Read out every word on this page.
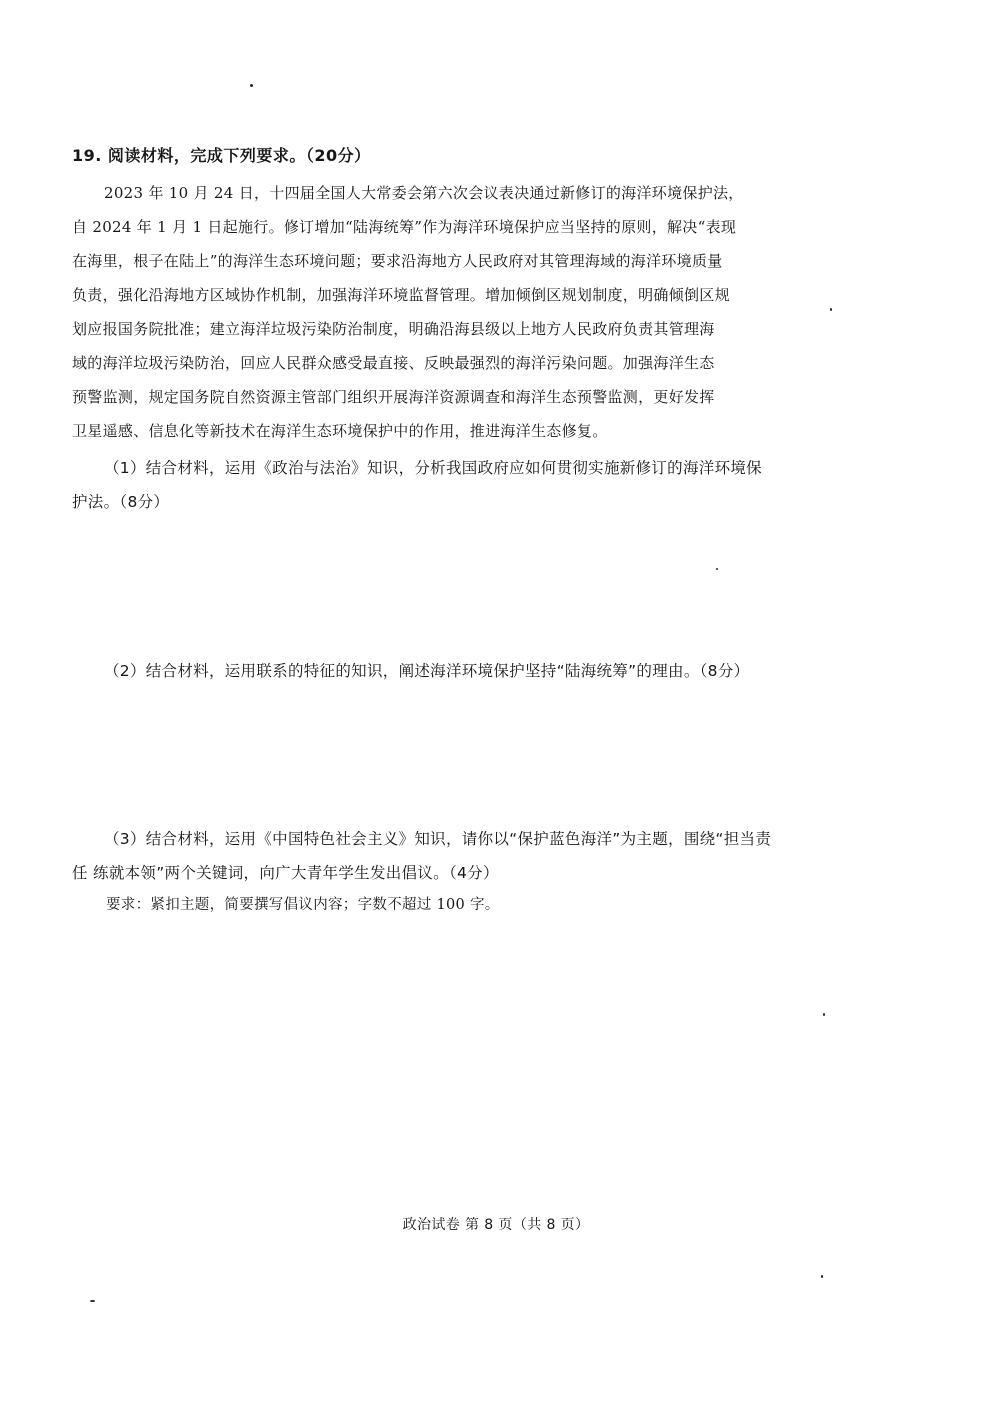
19. 阅读材料，完成下列要求。（20分）
2023 年 10 月 24 日，十四届全国人大常委会第六次会议表决通过新修订的海洋环境保护法，
自 2024 年 1 月 1 日起施行。修订增加“陆海统筹”作为海洋环境保护应当坚持的原则，解决“表现
在海里，根子在陆上”的海洋生态环境问题；要求沿海地方人民政府对其管理海域的海洋环境质量
负责，强化沿海地方区域协作机制，加强海洋环境监督管理。增加倾倒区规划制度，明确倾倒区规
划应报国务院批准；建立海洋垃圾污染防治制度，明确沿海县级以上地方人民政府负责其管理海
域的海洋垃圾污染防治，回应人民群众感受最直接、反映最强烈的海洋污染问题。加强海洋生态
预警监测，规定国务院自然资源主管部门组织开展海洋资源调查和海洋生态预警监测，更好发挥
卫星遥感、信息化等新技术在海洋生态环境保护中的作用，推进海洋生态修复。
（1）结合材料，运用《政治与法治》知识，分析我国政府应如何贯彻实施新修订的海洋环境保
护法。（8分）
（2）结合材料，运用联系的特征的知识，阐述海洋环境保护坚持“陆海统筹”的理由。（8分）
（3）结合材料，运用《中国特色社会主义》知识，请你以“保护蓝色海洋”为主题，围绕“担当责
任 练就本领”两个关键词，向广大青年学生发出倡议。（4分）
要求：紧扣主题，简要撰写倡议内容；字数不超过 100 字。
政治试卷 第 8 页（共 8 页）
